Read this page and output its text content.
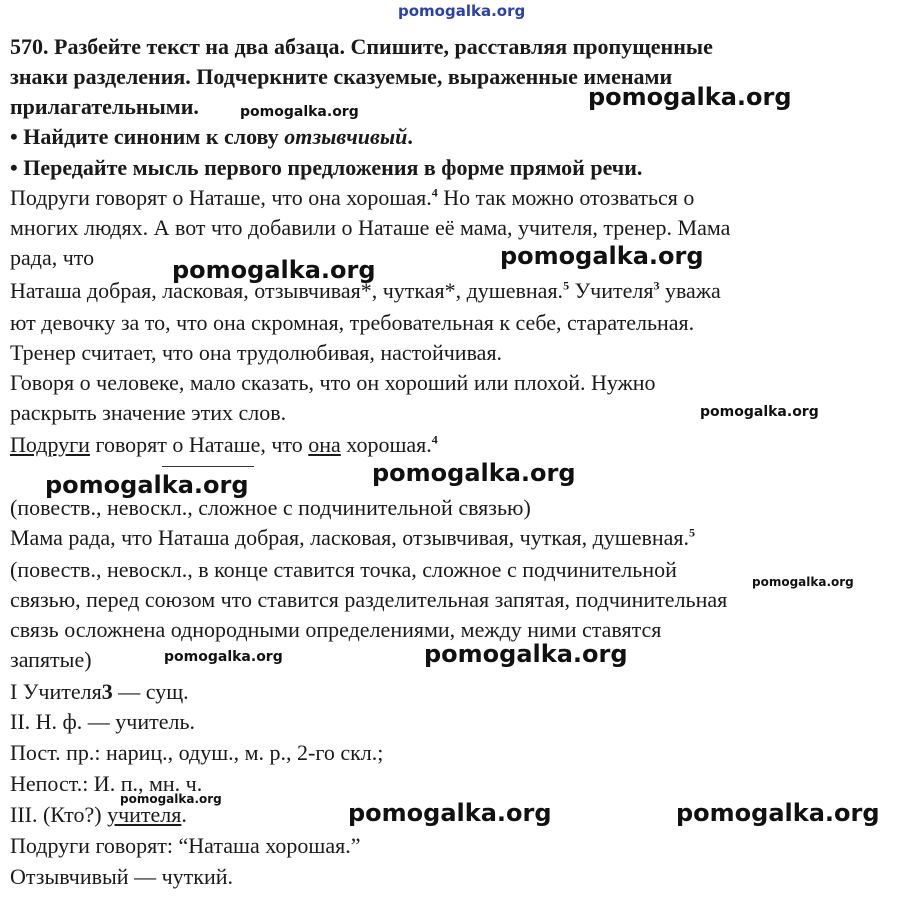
pomogalka.org
pomogalka.org
pomogalka.org
pomogalka.org	pomogalka.org
pomogalka.org
pomogalka.org
pomogalka.org
pomogalka.org
pomogalka.org	pomogalka.org
pomogalka.org	pomogalka.org	pomogalka.org
570. Разбейте текст на два абзаца. Спишите, расставляя пропущенные
знаки разделения. Подчеркните сказуемые, выраженные именами
прилагательными.
• Найдите синоним к слову отзывчивый.
• Передайте мысль первого предложения в форме прямой речи.
Подруги говорят о Наташе, что она хорошая.$^4$ Но так можно отозваться о
многих людях. А вот что добавили о Наташе её мама, учителя, тренер. Мама
рада, что
Наташа добрая, ласковая, отзывчивая*, чуткая*, душевная.$^5$ Учителя$^3$ уважа
ют девочку за то, что она скромная, требовательная к себе, старательная.
Тренер считает, что она трудолюбивая, настойчивая.
Говоря о человеке, мало сказать, что он хороший или плохой. Нужно
раскрыть значение этих слов.
Подруги говорят о Наташе, что она хорошая.$^4$
(повеств., невоскл., сложное с подчинительной связью)
Мама рада, что Наташа добрая, ласковая, отзывчивая, чуткая, душевная.$^5$
(повеств., невоскл., в конце ставится точка, сложное с подчинительной
связью, перед союзом что ставится разделительная запятая, подчинительная
связь осложнена однородными определениями, между ними ставятся
запятые)
I Учителя3 — сущ.
II. Н. ф. — учитель.
Пост. пр.: нариц., одуш., м. р., 2-го скл.;
Непост.: И. п., мн. ч.
III. (Кто?) учителя.
Подруги говорят: “Наташа хорошая.”
Отзывчивый — чуткий.
